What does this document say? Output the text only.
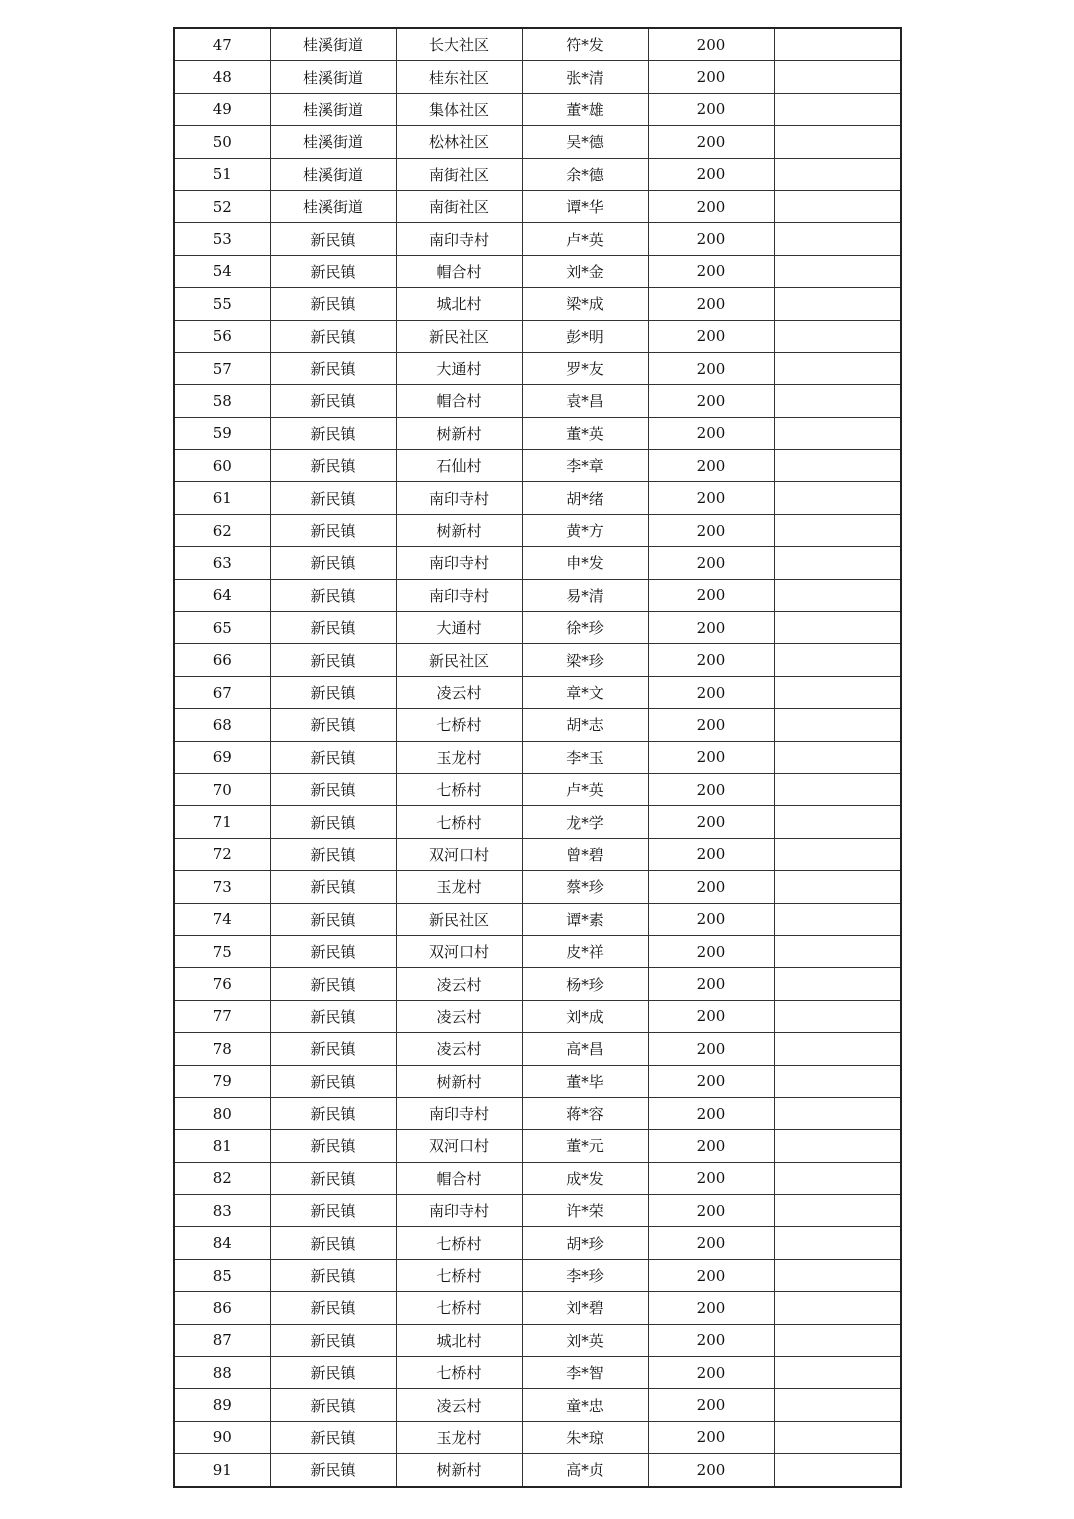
47	桂溪街道	长大社区	符*发	200	
48	桂溪街道	桂东社区	张*清	200	
49	桂溪街道	集体社区	董*雄	200	
50	桂溪街道	松林社区	吴*德	200	
51	桂溪街道	南街社区	余*德	200	
52	桂溪街道	南街社区	谭*华	200	
53	新民镇	南印寺村	卢*英	200	
54	新民镇	帽合村	刘*金	200	
55	新民镇	城北村	梁*成	200	
56	新民镇	新民社区	彭*明	200	
57	新民镇	大通村	罗*友	200	
58	新民镇	帽合村	袁*昌	200	
59	新民镇	树新村	董*英	200	
60	新民镇	石仙村	李*章	200	
61	新民镇	南印寺村	胡*绪	200	
62	新民镇	树新村	黄*方	200	
63	新民镇	南印寺村	申*发	200	
64	新民镇	南印寺村	易*清	200	
65	新民镇	大通村	徐*珍	200	
66	新民镇	新民社区	梁*珍	200	
67	新民镇	凌云村	章*文	200	
68	新民镇	七桥村	胡*志	200	
69	新民镇	玉龙村	李*玉	200	
70	新民镇	七桥村	卢*英	200	
71	新民镇	七桥村	龙*学	200	
72	新民镇	双河口村	曾*碧	200	
73	新民镇	玉龙村	蔡*珍	200	
74	新民镇	新民社区	谭*素	200	
75	新民镇	双河口村	皮*祥	200	
76	新民镇	凌云村	杨*珍	200	
77	新民镇	凌云村	刘*成	200	
78	新民镇	凌云村	高*昌	200	
79	新民镇	树新村	董*毕	200	
80	新民镇	南印寺村	蒋*容	200	
81	新民镇	双河口村	董*元	200	
82	新民镇	帽合村	成*发	200	
83	新民镇	南印寺村	许*荣	200	
84	新民镇	七桥村	胡*珍	200	
85	新民镇	七桥村	李*珍	200	
86	新民镇	七桥村	刘*碧	200	
87	新民镇	城北村	刘*英	200	
88	新民镇	七桥村	李*智	200	
89	新民镇	凌云村	童*忠	200	
90	新民镇	玉龙村	朱*琼	200	
91	新民镇	树新村	高*贞	200	
